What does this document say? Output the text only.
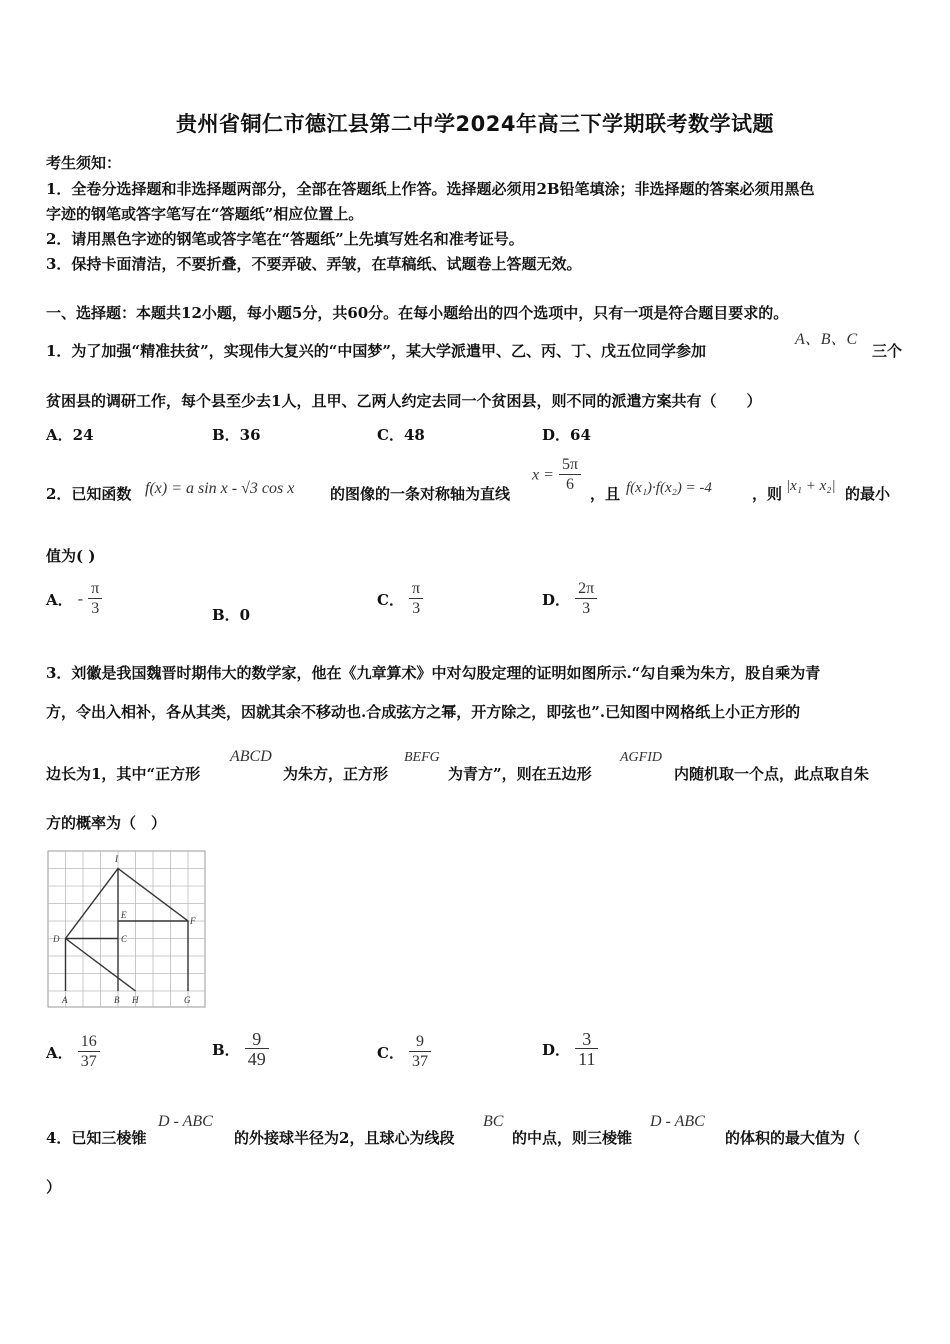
贵州省铜仁市德江县第二中学2024年高三下学期联考数学试题
考生须知：
1．全卷分选择题和非选择题两部分，全部在答题纸上作答。选择题必须用2B铅笔填涂；非选择题的答案必须用黑色
字迹的钢笔或答字笔写在“答题纸”相应位置上。
2．请用黑色字迹的钢笔或答字笔在“答题纸”上先填写姓名和准考证号。
3．保持卡面清洁，不要折叠，不要弄破、弄皱，在草稿纸、试题卷上答题无效。
一、选择题：本题共12小题，每小题5分，共60分。在每小题给出的四个选项中，只有一项是符合题目要求的。
1．为了加强“精准扶贫”，实现伟大复兴的“中国梦”，某大学派遣甲、乙、丙、丁、戊五位同学参加
A、B、C
三个
贫困县的调研工作，每个县至少去1人，且甲、乙两人约定去同一个贫困县，则不同的派遣方案共有（　　）
A．24	B．36	C．48	D．64
2．已知函数 f(x) = a sin x - √3 cos x 的图像的一条对称轴为直线
$x = \frac{5\pi}{6}$ ，且 f(x₁)·f(x₂) = -4	，则 |x₁ + x₂| 的最小
值为( )
A． - $\frac{\pi}{3}$	B．0
C． $\frac{\pi}{3}$	D． $\frac{2\pi}{3}$
3．刘徽是我国魏晋时期伟大的数学家，他在《九章算术》中对勾股定理的证明如图所示.“勾自乘为朱方，股自乘为青
方，令出入相补，各从其类，因就其余不移动也.合成弦方之幂，开方除之，即弦也”.已知图中网格纸上小正方形的
边长为1，其中“正方形
ABCD
为朱方，正方形
BEFG
为青方”，则在五边形
AGFID
内随机取一个点，此点取自朱
方的概率为（　）
I
E
F
D	C
A	B H	G
A． $\frac{16}{37}$	B． $\frac{9}{49}$	C． $\frac{9}{37}$	D． $\frac{3}{11}$
4．已知三棱锥
D - ABC
的外接球半径为2，且球心为线段
BC
的中点，则三棱锥
D - ABC
的体积的最大值为（
）
